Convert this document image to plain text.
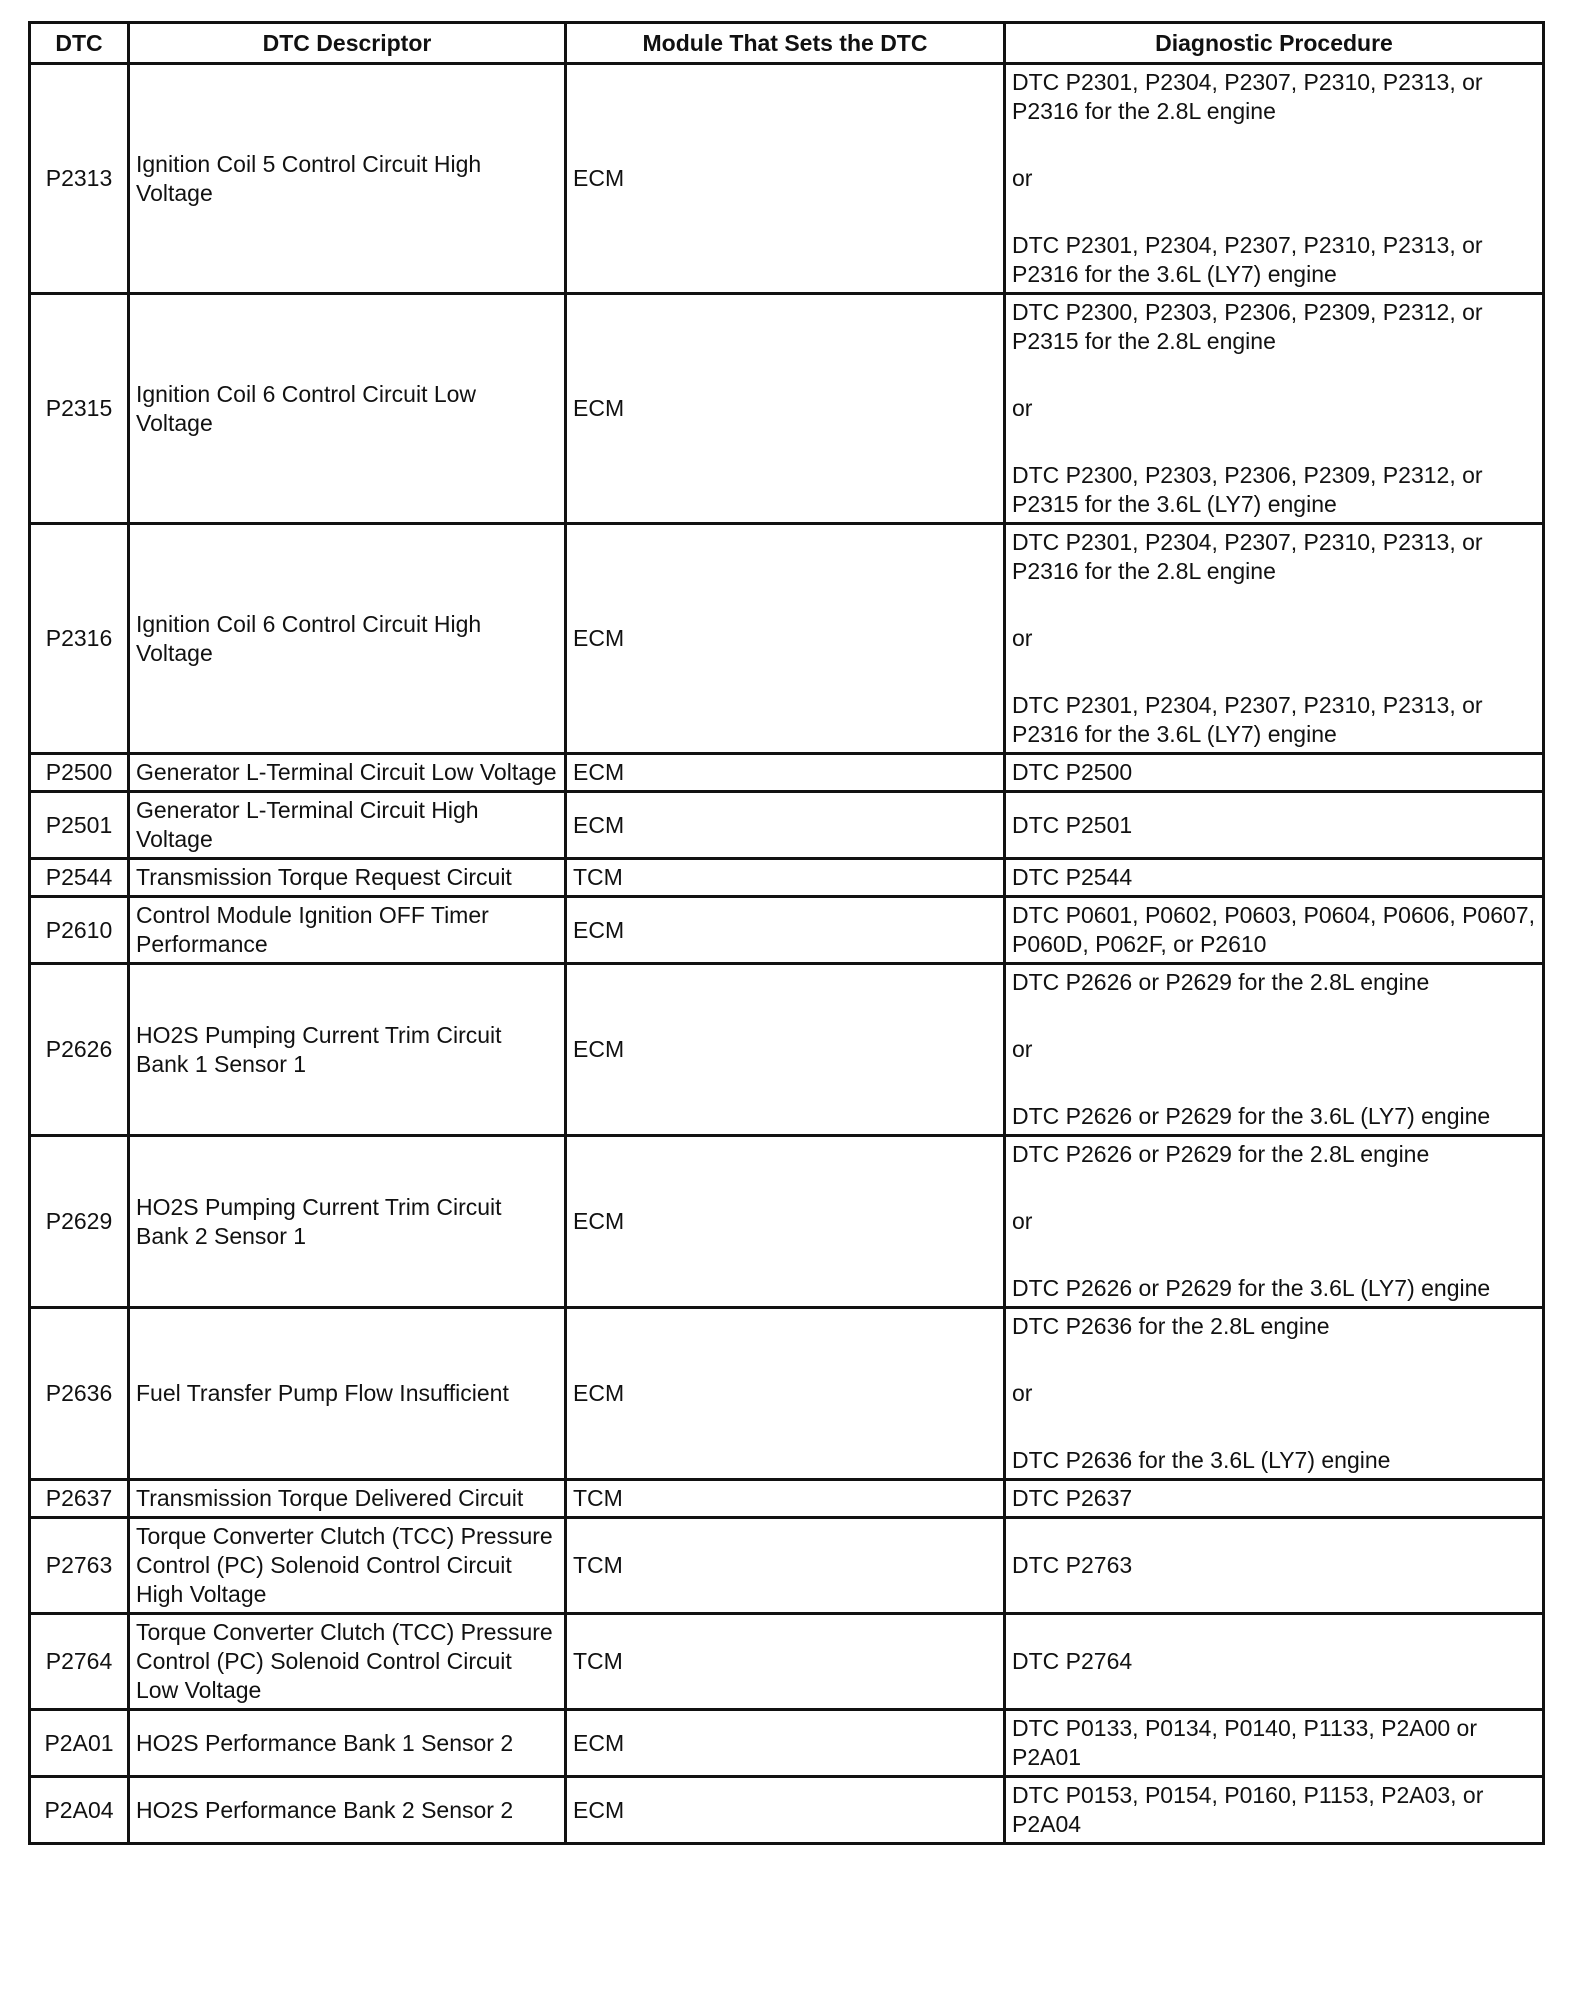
DTC	DTC Descriptor	Module That Sets the DTC	Diagnostic Procedure
P2313	Ignition Coil 5 Control Circuit High Voltage	ECM	DTC P2301, P2304, P2307, P2310, P2313, or P2316 for the 2.8L engine
or
DTC P2301, P2304, P2307, P2310, P2313, or P2316 for the 3.6L (LY7) engine

P2315	Ignition Coil 6 Control Circuit Low Voltage	ECM	DTC P2300, P2303, P2306, P2309, P2312, or P2315 for the 2.8L engine
or
DTC P2300, P2303, P2306, P2309, P2312, or P2315 for the 3.6L (LY7) engine

P2316	Ignition Coil 6 Control Circuit High Voltage	ECM	DTC P2301, P2304, P2307, P2310, P2313, or P2316 for the 2.8L engine
or
DTC P2301, P2304, P2307, P2310, P2313, or P2316 for the 3.6L (LY7) engine

P2500	Generator L-Terminal Circuit Low Voltage	ECM	DTC P2500

P2501	Generator L-Terminal Circuit High Voltage	ECM	DTC P2501

P2544	Transmission Torque Request Circuit	TCM	DTC P2544

P2610	Control Module Ignition OFF Timer Performance	ECM	DTC P0601, P0602, P0603, P0604, P0606, P0607, P060D, P062F, or P2610

P2626	HO2S Pumping Current Trim Circuit Bank 1 Sensor 1	ECM	DTC P2626 or P2629 for the 2.8L engine
or
DTC P2626 or P2629 for the 3.6L (LY7) engine

P2629	HO2S Pumping Current Trim Circuit Bank 2 Sensor 1	ECM	DTC P2626 or P2629 for the 2.8L engine
or
DTC P2626 or P2629 for the 3.6L (LY7) engine

P2636	Fuel Transfer Pump Flow Insufficient	ECM	DTC P2636 for the 2.8L engine
or
DTC P2636 for the 3.6L (LY7) engine

P2637	Transmission Torque Delivered Circuit	TCM	DTC P2637

P2763	Torque Converter Clutch (TCC) Pressure Control (PC) Solenoid Control Circuit High Voltage	TCM	DTC P2763

P2764	Torque Converter Clutch (TCC) Pressure Control (PC) Solenoid Control Circuit Low Voltage	TCM	DTC P2764

P2A01	HO2S Performance Bank 1 Sensor 2	ECM	DTC P0133, P0134, P0140, P1133, P2A00 or P2A01

P2A04	HO2S Performance Bank 2 Sensor 2	ECM	DTC P0153, P0154, P0160, P1153, P2A03, or P2A04
